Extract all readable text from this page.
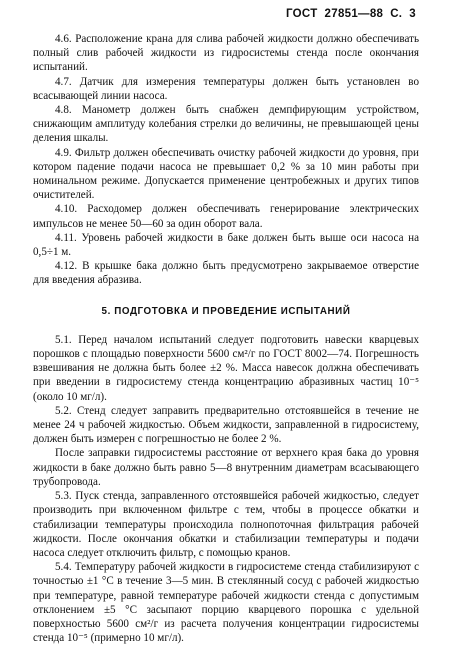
ГОСТ  27851—88  С.  3

4.6. Расположение крана для слива рабочей жидкости должно обеспечивать полный слив рабочей жидкости из гидросистемы стенда после окончания испытаний.

4.7. Датчик для измерения температуры должен быть установлен во всасывающей линии насоса.

4.8. Манометр должен быть снабжен демпфирующим устройством, снижающим амплитуду колебания стрелки до величины, не превышающей цены деления шкалы.

4.9. Фильтр должен обеспечивать очистку рабочей жидкости до уровня, при котором падение подачи насоса не превышает 0,2 % за 10 мин работы при номинальном режиме. Допускается применение центробежных и других типов очистителей.

4.10. Расходомер должен обеспечивать генерирование электрических импульсов не менее 50—60 за один оборот вала.

4.11. Уровень рабочей жидкости в баке должен быть выше оси насоса на 0,5÷1 м.

4.12. В крышке бака должно быть предусмотрено закрываемое отверстие для введения абразива.

5. ПОДГОТОВКА И ПРОВЕДЕНИЕ ИСПЫТАНИЙ

5.1. Перед началом испытаний следует подготовить навески кварцевых порошков с площадью поверхности 5600 см²/г по ГОСТ 8002—74. Погрешность взвешивания не должна быть более ±2 %. Масса навесок должна обеспечивать при введении в гидросистему стенда концентрацию абразивных частиц 10⁻⁵ (около 10 мг/л).

5.2. Стенд следует заправить предварительно отстоявшейся в течение не менее 24 ч рабочей жидкостью. Объем жидкости, заправленной в гидросистему, должен быть измерен с погрешностью не более 2 %.

После заправки гидросистемы расстояние от верхнего края бака до уровня жидкости в баке должно быть равно 5—8 внутренним диаметрам всасывающего трубопровода.

5.3. Пуск стенда, заправленного отстоявшейся рабочей жидкостью, следует производить при включенном фильтре с тем, чтобы в процессе обкатки и стабилизации температуры происходила полнопоточная фильтрация рабочей жидкости. После окончания обкатки и стабилизации температуры и подачи насоса следует отключить фильтр, с помощью кранов.

5.4. Температуру рабочей жидкости в гидросистеме стенда стабилизируют с точностью ±1 °С в течение 3—5 мин. В стеклянный сосуд с рабочей жидкостью при температуре, равной температуре рабочей жидкости стенда с допустимым отклонением ±5 °С засыпают порцию кварцевого порошка с удельной поверхностью 5600 см²/г из расчета получения концентрации гидросистемы стенда 10⁻⁵ (примерно 10 мг/л).
